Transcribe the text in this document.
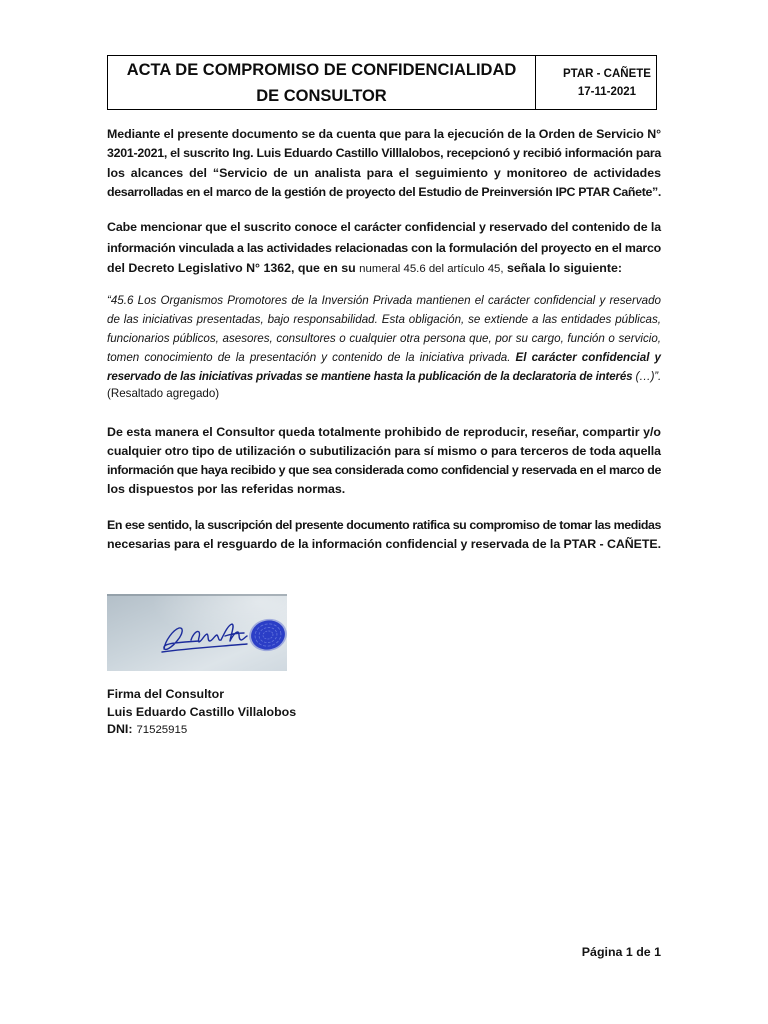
ACTA DE COMPROMISO DE CONFIDENCIALIDAD
DE CONSULTOR
PTAR - CAÑETE
17-11-2021
Mediante el presente documento se da cuenta que para la ejecución de la Orden de Servicio N°
3201-2021, el suscrito Ing. Luis Eduardo Castillo Villlalobos, recepcionó y recibió información para
los alcances del “Servicio de un analista para el seguimiento y monitoreo de actividades
desarrolladas en el marco de la gestión de proyecto del Estudio de Preinversión IPC PTAR Cañete”.
Cabe mencionar que el suscrito conoce el carácter confidencial y reservado del contenido de la
información vinculada a las actividades relacionadas con la formulación del proyecto en el marco
del Decreto Legislativo N° 1362, que en su numeral 45.6 del artículo 45, señala lo siguiente:
“45.6 Los Organismos Promotores de la Inversión Privada mantienen el carácter confidencial y reservado
de las iniciativas presentadas, bajo responsabilidad. Esta obligación, se extiende a las entidades públicas,
funcionarios públicos, asesores, consultores o cualquier otra persona que, por su cargo, función o servicio,
tomen conocimiento de la presentación y contenido de la iniciativa privada. El carácter confidencial y
reservado de las iniciativas privadas se mantiene hasta la publicación de la declaratoria de interés (…)”.
(Resaltado agregado)
De esta manera el Consultor queda totalmente prohibido de reproducir, reseñar, compartir y/o
cualquier otro tipo de utilización o subutilización para sí mismo o para terceros de toda aquella
información que haya recibido y que sea considerada como confidencial y reservada en el marco de
los dispuestos por las referidas normas.
En ese sentido, la suscripción del presente documento ratifica su compromiso de tomar las medidas
necesarias para el resguardo de la información confidencial y reservada de la PTAR - CAÑETE.
Firma del Consultor
Luis Eduardo Castillo Villalobos
DNI: 71525915
Página 1 de 1
